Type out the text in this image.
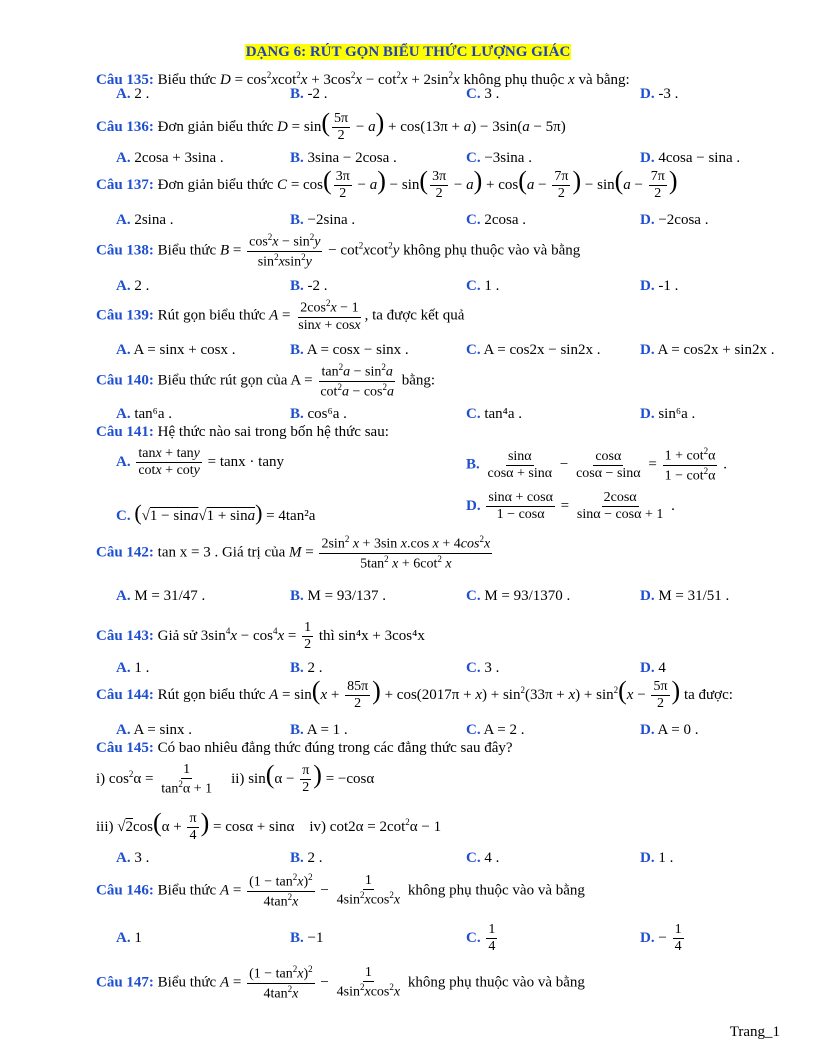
DẠNG 6: RÚT GỌN BIỂU THỨC LƯỢNG GIÁC
Câu 135: Biểu thức $D = \cos^2xcot^2x + 3\cos^2x - \cot^2x + 2\sin^2x$ không phụ thuộc x và bằng:
A. 2 .	B. -2 .	C. 3 .	D. -3 .
Câu 136: Đơn giản biểu thức $D = \sin( \frac{5\pi}{2} - a) + \cos(13\pi + a) - 3\sin(a - 5\pi)$
A. 2cosa + 3sina .	B. 3sina − 2cosa .	C. −3sina .	D. 4cosa − sina .
Câu 137: Đơn giản biểu thức $C = \cos( \frac{3\pi}{2} - a) - \sin( \frac{3\pi}{2} - a) + \cos(a - \frac{7\pi}{2}$ ) − $\sin(a - \frac{7\pi}{2}$ )
A. 2sina .	B. −2sina .	C. 2cosa .	D. −2cosa .
Câu 138: Biểu thức $B = \frac{\cos^2x - \sin^2y}{\sin^2xsin^2y} - \cot^2xcot^2y$ không phụ thuộc vào và bằng
A. 2 .	B. -2 .	C. 1 .	D. -1 .
Câu 139: Rút gọn biểu thức $A = \frac{2\cos^2x - 1}{\sin x + \cos x}$ , ta được kết quả
A. A = sinx + cosx .	B. A = cosx − sinx .	C. A = cos2x − sin2x .	D. A = cos2x + sin2x .
Câu 140: Biểu thức rút gọn của $A = \frac{\tan^2a - \sin^2a}{\cot^2a - \cos^2a}$ bằng:
A. tan⁶a .	B. cos⁶a .	C. tan⁴a .	D. sin⁶a .
Câu 141: Hệ thức nào sai trong bốn hệ thức sau:
A. $\frac{\tan x + \tan y}{\cot x + \cot y} = \tan x \cdot \tan y$	B. $\frac{\sin\alpha}{\cos\alpha + \sin\alpha} - \frac{\cos\alpha}{\cos\alpha - \sin\alpha} = \frac{1 + \cot^2\alpha}{1 - \cot^2\alpha}$ .
C. (√1 − sina√1 + sina) = 4tan²a
D. $\frac{\sin\alpha + \cos\alpha}{1 - \cos\alpha} = \frac{2\cos\alpha}{\sin\alpha - \cos\alpha + 1}$ .
Câu 142: tan x = 3 . Giá trị của $M = \frac{2\sin^2 x + 3\sin x.\cos x + 4\cos^2x}{5\tan^2 x + 6\cot^2 x}$
A. M = 31/47 .	B. M = 93/137 .	C. M = 93/1370 .	D. M = 31/51 .
Câu 143: Giả sử $3\sin^4x - \cos^4x = \frac{1}{2}$ thì sin⁴x + 3cos⁴x
A. 1 .	B. 2 .	C. 3 .	D. 4
Câu 144: Rút gọn biểu thức $A = \sin(x + \frac{85\pi}{2}$ ) + $\cos(2017\pi + x) + \sin^2(33\pi + x) + \sin^2(x - \frac{5\pi}{2}$ ) ta được:
A. A = sinx .	B. A = 1 .	C. A = 2 .	D. A = 0 .
Câu 145: Có bao nhiêu đẳng thức đúng trong các đẳng thức sau đây?
i) $\cos^2\alpha = \frac{1}{\tan^2\alpha + 1} ii$) $\sin(\alpha - \frac{\pi}{2}$ ) = −cosα
iii) $√2\cos(\alpha + \frac{\pi}{4}$ ) = cosα + sinα    iv) $\cot 2\alpha = 2\cot^2\alpha - 1$
A. 3 .	B. 2 .	C. 4 .	D. 1 .
Câu 146: Biểu thức $A = \frac{(1 - \tan^2x)^2}{4\tan^2x} - \frac{1}{4\sin^2xcos^2x}$ không phụ thuộc vào và bằng
A. 1	B. −1	C. $\frac{1}{4}$	D. − $\frac{1}{4}$
Câu 147: Biểu thức $A = \frac{(1 - \tan^2x)^2}{4\tan^2x} - \frac{1}{4\sin^2xcos^2x}$ không phụ thuộc vào và bằng
Trang_1
